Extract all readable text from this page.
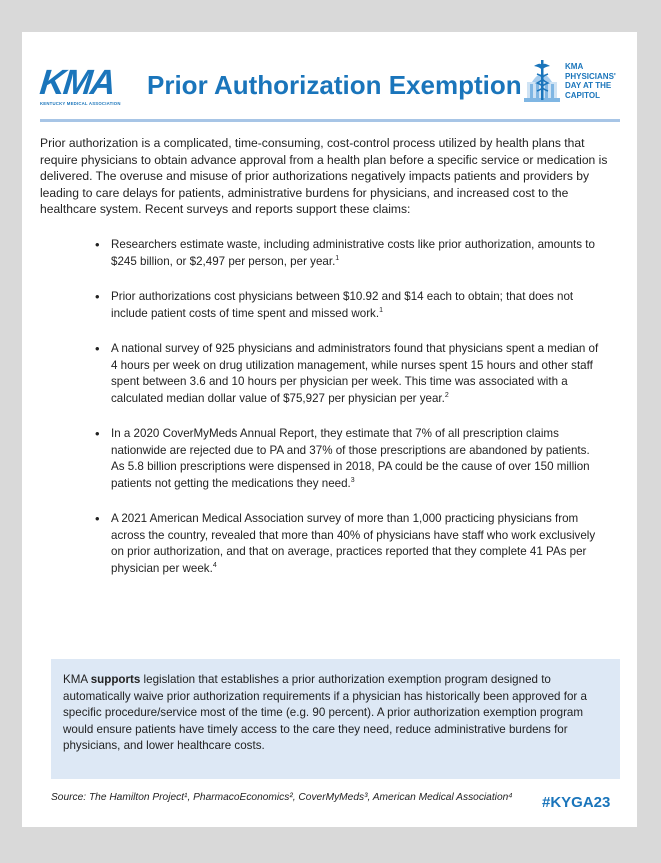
KMA
KENTUCKY MEDICAL ASSOCIATION
Prior Authorization Exemption
KMA
PHYSICIANS'
DAY AT THE
CAPITOL

Prior authorization is a complicated, time-consuming, cost-control process utilized by health plans that require physicians to obtain advance approval from a health plan before a specific service or medication is delivered. The overuse and misuse of prior authorizations negatively impacts patients and providers by leading to care delays for patients, administrative burdens for physicians, and increased cost to the healthcare system. Recent surveys and reports support these claims:

• Researchers estimate waste, including administrative costs like prior authorization, amounts to $245 billion, or $2,497 per person, per year.$^1$
• Prior authorizations cost physicians between $10.92 and $14 each to obtain; that does not include patient costs of time spent and missed work.$^1$
• A national survey of 925 physicians and administrators found that physicians spent a median of 4 hours per week on drug utilization management, while nurses spent 15 hours and other staff spent between 3.6 and 10 hours per physician per week. This time was associated with a calculated median dollar value of $75,927 per physician per year.$^2$
• In a 2020 CoverMyMeds Annual Report, they estimate that 7% of all prescription claims nationwide are rejected due to PA and 37% of those prescriptions are abandoned by patients. As 5.8 billion prescriptions were dispensed in 2018, PA could be the cause of over 150 million patients not getting the medications they need.$^3$
• A 2021 American Medical Association survey of more than 1,000 practicing physicians from across the country, revealed that more than 40% of physicians have staff who work exclusively on prior authorization, and that on average, practices reported that they complete 41 PAs per physician per week.$^4$

KMA supports legislation that establishes a prior authorization exemption program designed to automatically waive prior authorization requirements if a physician has historically been approved for a specific procedure/service most of the time (e.g. 90 percent). A prior authorization exemption program would ensure patients have timely access to the care they need, reduce administrative burdens for physicians, and lower healthcare costs.

Source: The Hamilton Project¹, PharmacoEconomics², CoverMyMeds³, American Medical Association⁴	#KYGA23
